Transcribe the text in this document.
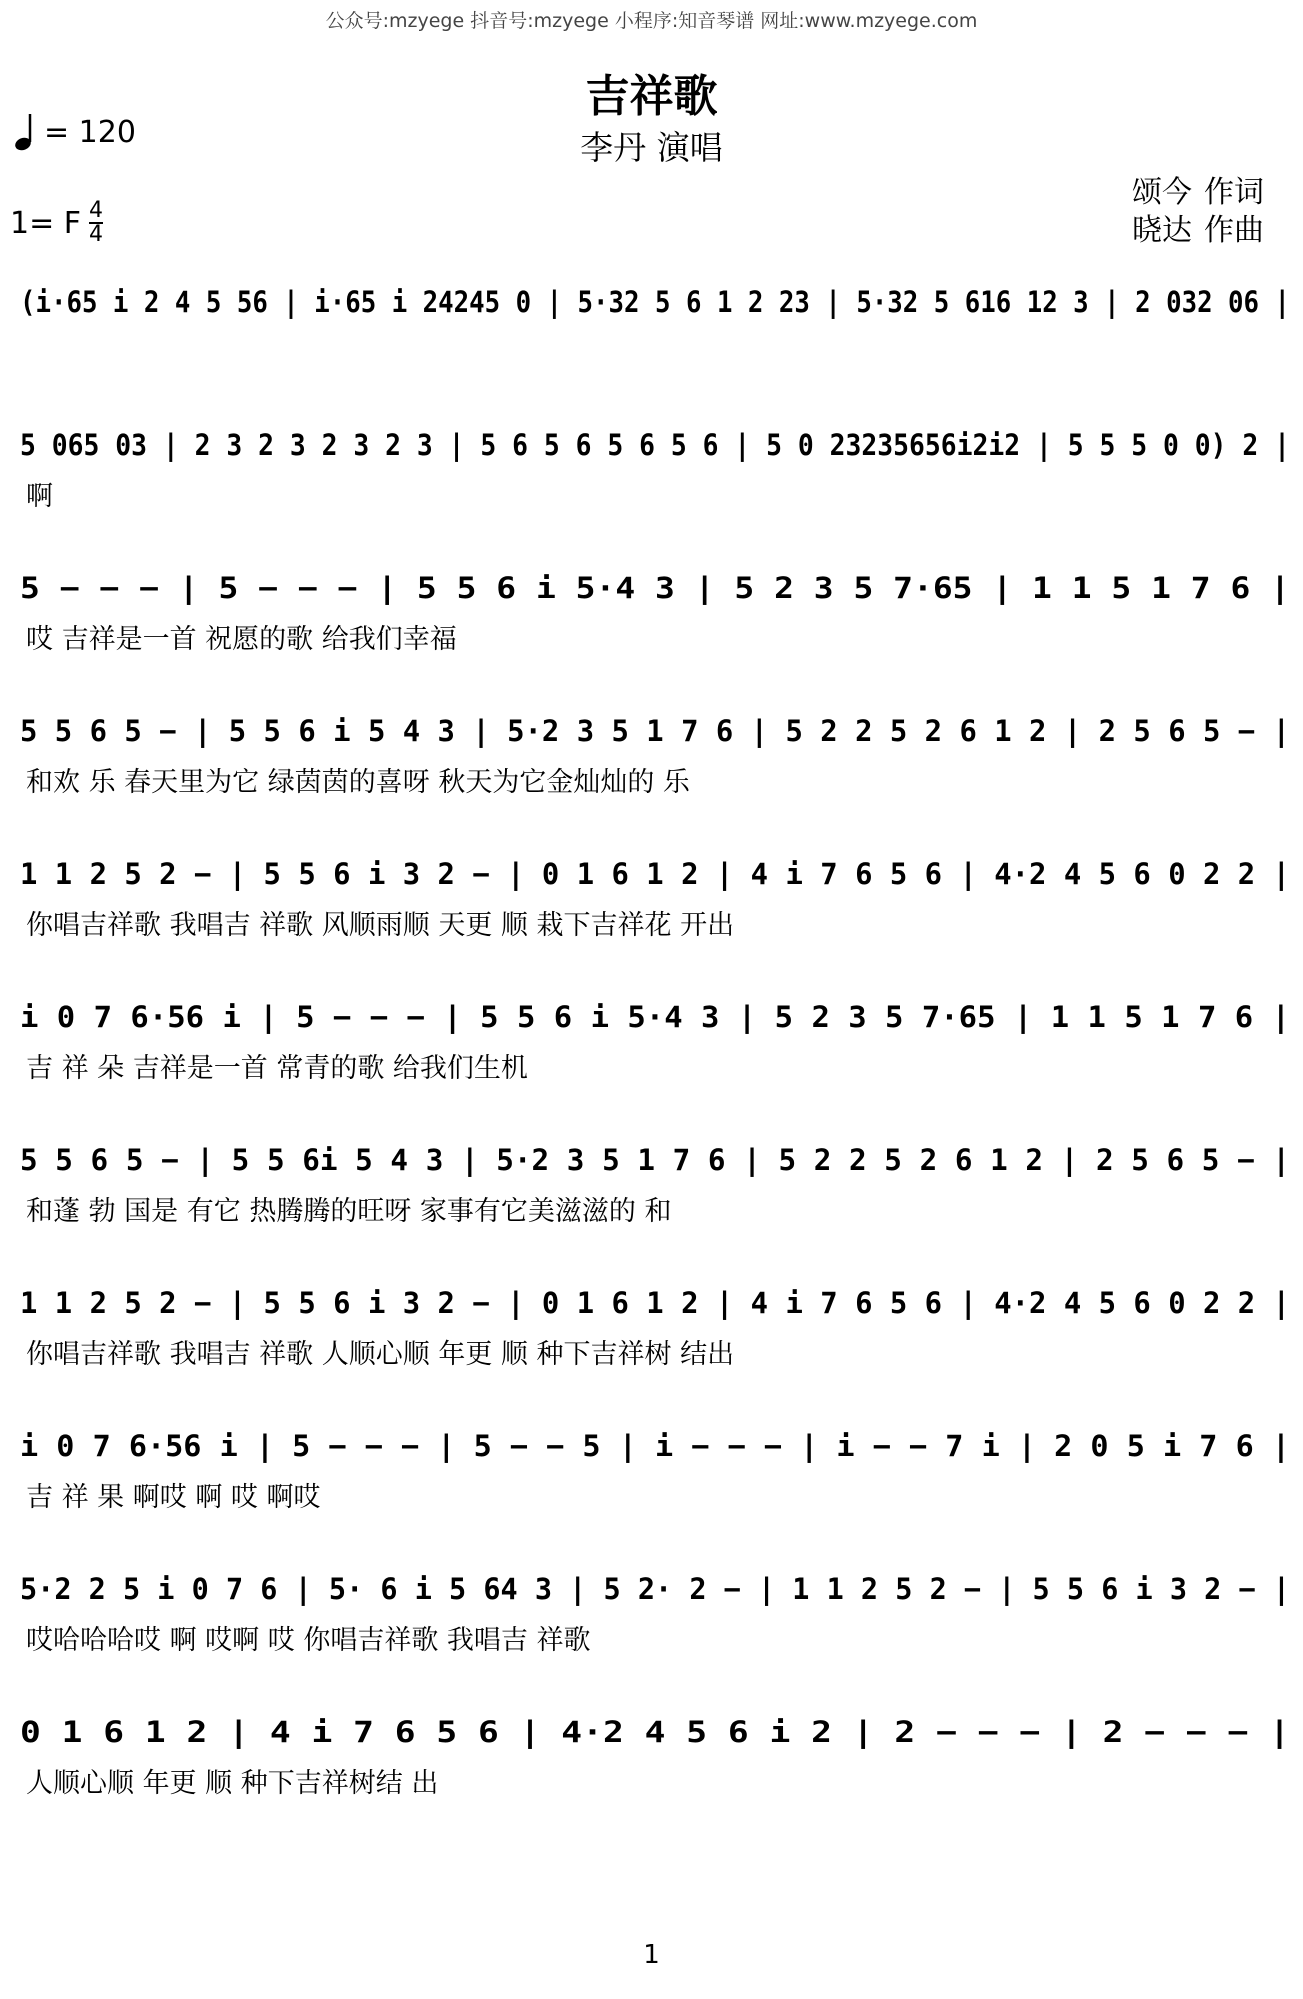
公众号:mzyege 抖音号:mzyege 小程序:知音琴谱 网址:www.mzyege.com
吉祥歌
李丹 演唱
= 120
1= F $\frac{4}{4}$
颂今 作词
晓达 作曲
(i·65 i 2 4 5 56 | i·65 i 24245 0 | 5·32 5 6 1 2 23 | 5·32 5 616 12 3 | 2 032 06 |
5 065 03 | 2 3 2 3 2 3 2 3 | 5 6 5 6 5 6 5 6 | 5 0 23235656i2i2 | 5 5 5 0 0) 2 |
啊
5 − − − | 5 − − − | 5 5 6 i 5·4 3 | 5 2 3 5 7·65 | 1 1 5 1 7 6 |
哎 吉祥是一首 祝愿的歌 给我们幸福
5 5 6 5 − | 5 5 6 i 5 4 3 | 5·2 3 5 1 7 6 | 5 2 2 5 2 6 1 2 | 2 5 6 5 − |
和欢 乐 春天里为它 绿茵茵的喜呀 秋天为它金灿灿的 乐
1 1 2 5 2 − | 5 5 6 i 3 2 − | 0 1 6 1 2 | 4 i 7 6 5 6 | 4·2 4 5 6 0 2 2 |
你唱吉祥歌 我唱吉 祥歌 风顺雨顺 天更 顺 栽下吉祥花 开出
i 0 7 6·56 i | 5 − − − | 5 5 6 i 5·4 3 | 5 2 3 5 7·65 | 1 1 5 1 7 6 |
吉 祥 朵 吉祥是一首 常青的歌 给我们生机
5 5 6 5 − | 5 5 6i 5 4 3 | 5·2 3 5 1 7 6 | 5 2 2 5 2 6 1 2 | 2 5 6 5 − |
和蓬 勃 国是 有它 热腾腾的旺呀 家事有它美滋滋的 和
1 1 2 5 2 − | 5 5 6 i 3 2 − | 0 1 6 1 2 | 4 i 7 6 5 6 | 4·2 4 5 6 0 2 2 |
你唱吉祥歌 我唱吉 祥歌 人顺心顺 年更 顺 种下吉祥树 结出
i 0 7 6·56 i | 5 − − − | 5 − − 5 | i − − − | i − − 7 i | 2 0 5 i 7 6 |
吉 祥 果 啊哎 啊 哎 啊哎
5·2 2 5 i 0 7 6 | 5· 6 i 5 64 3 | 5 2· 2 − | 1 1 2 5 2 − | 5 5 6 i 3 2 − |
哎哈哈哈哎 啊 哎啊 哎 你唱吉祥歌 我唱吉 祥歌
0 1 6 1 2 | 4 i 7 6 5 6 | 4·2 4 5 6 i 2 | 2 − − − | 2 − − − |
人顺心顺 年更 顺 种下吉祥树结 出
1
